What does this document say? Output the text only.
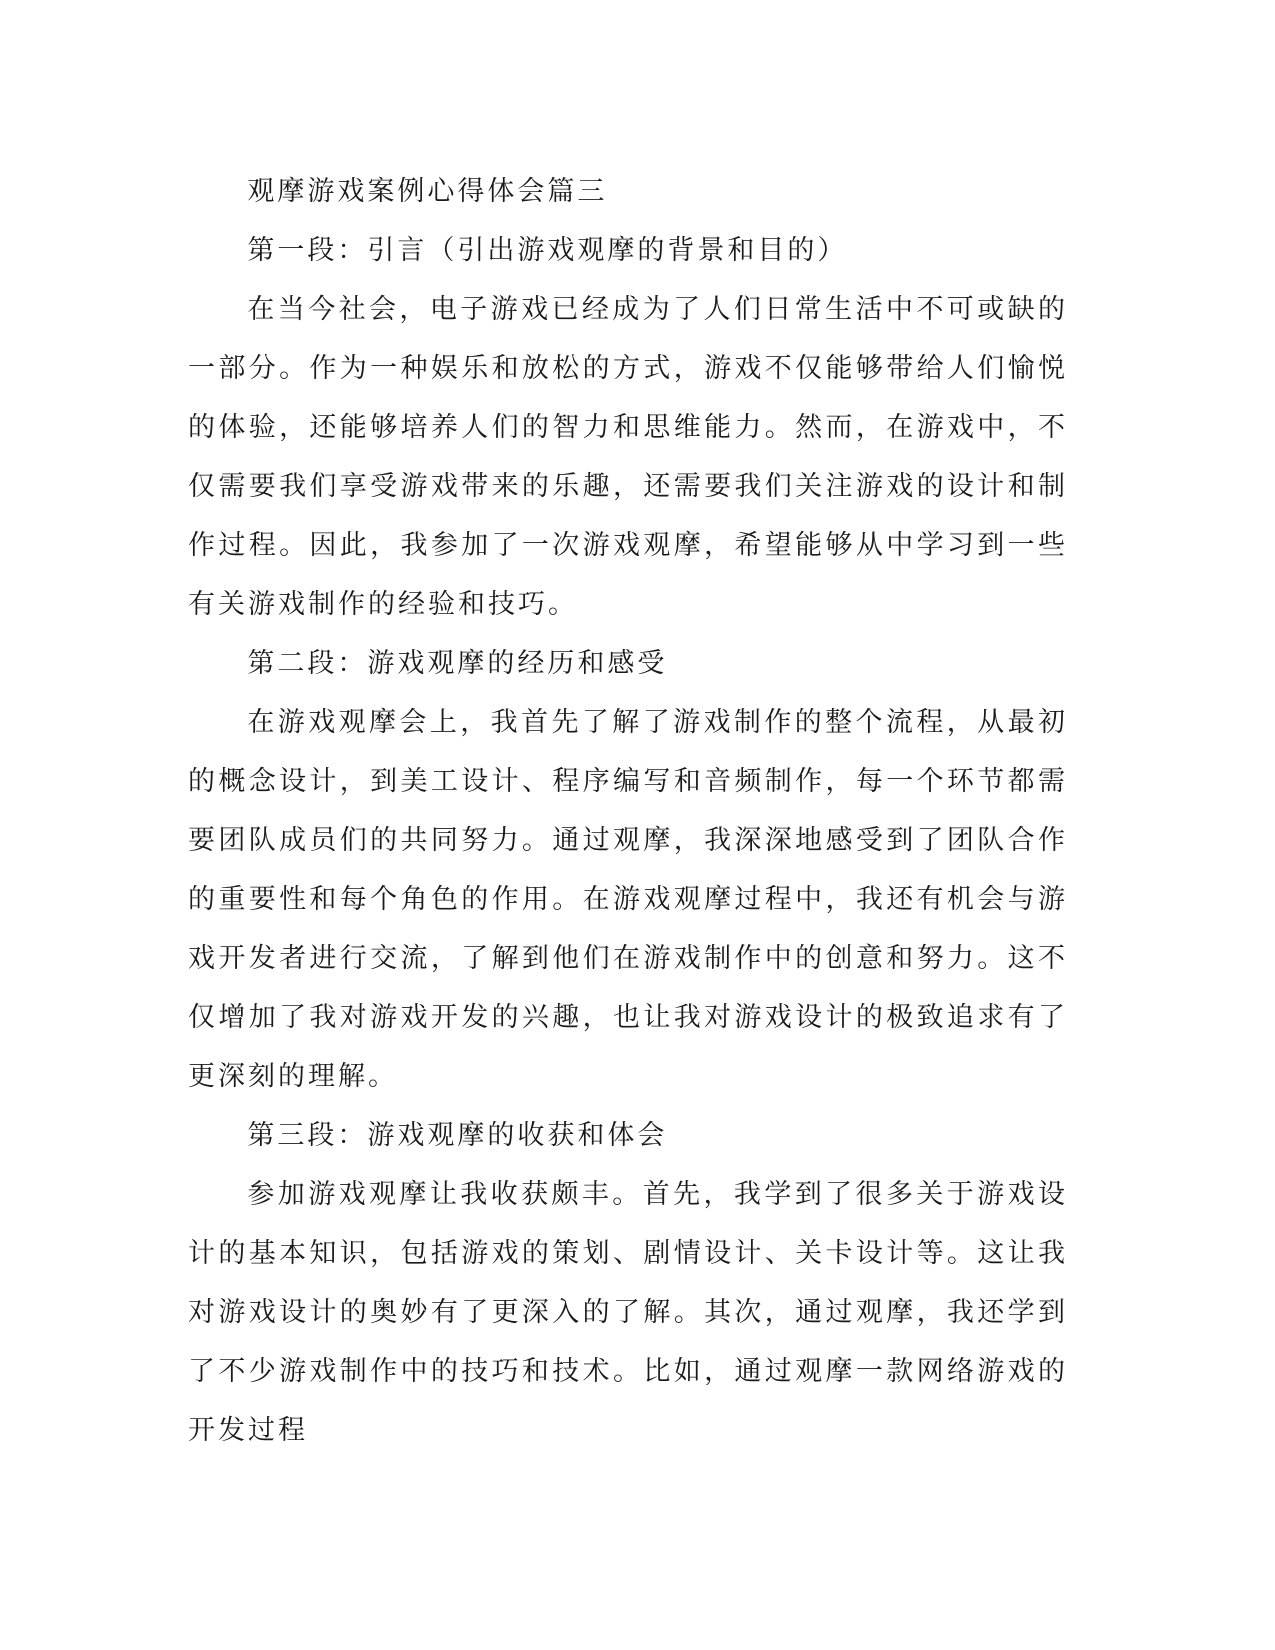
观摩游戏案例心得体会篇三

第一段：引言（引出游戏观摩的背景和目的）

在当今社会，电子游戏已经成为了人们日常生活中不可或缺的一部分。作为一种娱乐和放松的方式，游戏不仅能够带给人们愉悦的体验，还能够培养人们的智力和思维能力。然而，在游戏中，不仅需要我们享受游戏带来的乐趣，还需要我们关注游戏的设计和制作过程。因此，我参加了一次游戏观摩，希望能够从中学习到一些有关游戏制作的经验和技巧。

第二段：游戏观摩的经历和感受

在游戏观摩会上，我首先了解了游戏制作的整个流程，从最初的概念设计，到美工设计、程序编写和音频制作，每一个环节都需要团队成员们的共同努力。通过观摩，我深深地感受到了团队合作的重要性和每个角色的作用。在游戏观摩过程中，我还有机会与游戏开发者进行交流，了解到他们在游戏制作中的创意和努力。这不仅增加了我对游戏开发的兴趣，也让我对游戏设计的极致追求有了更深刻的理解。

第三段：游戏观摩的收获和体会

参加游戏观摩让我收获颇丰。首先，我学到了很多关于游戏设计的基本知识，包括游戏的策划、剧情设计、关卡设计等。这让我对游戏设计的奥妙有了更深入的了解。其次，通过观摩，我还学到了不少游戏制作中的技巧和技术。比如，通过观摩一款网络游戏的开发过程
